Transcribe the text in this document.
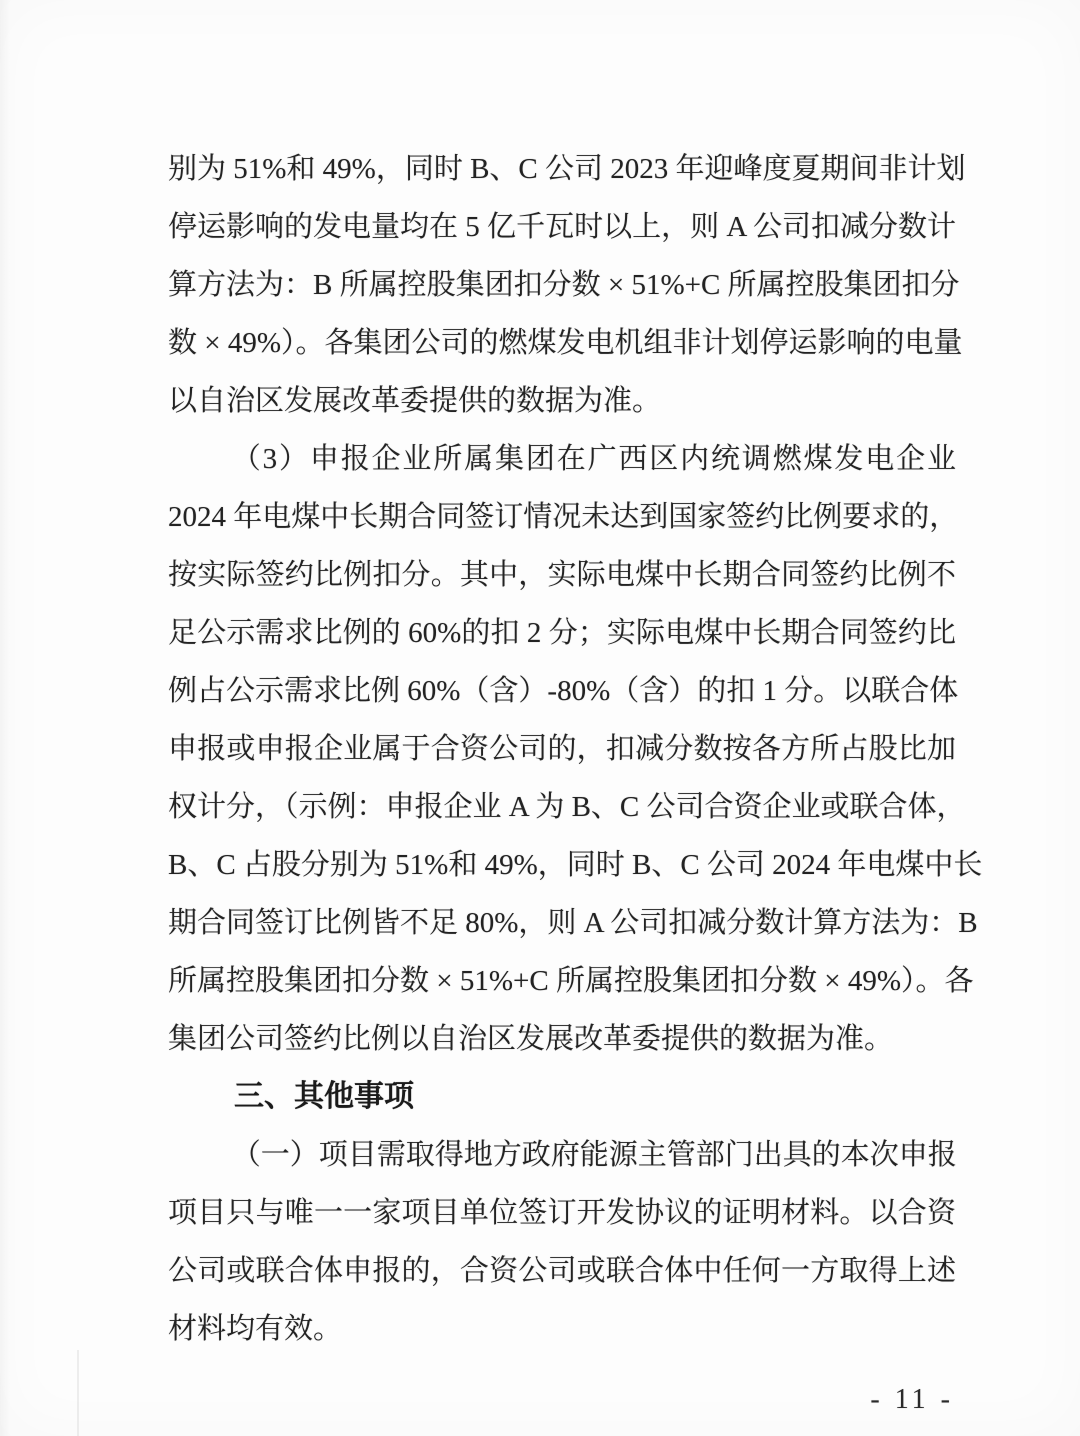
别为 51%和 49%，同时 B、C 公司 2023 年迎峰度夏期间非计划
停运影响的发电量均在 5 亿千瓦时以上，则 A 公司扣减分数计
算方法为：B 所属控股集团扣分数 × 51%+C 所属控股集团扣分
数 × 49%）。各集团公司的燃煤发电机组非计划停运影响的电量
以自治区发展改革委提供的数据为准。
（3）申报企业所属集团在广西区内统调燃煤发电企业
2024 年电煤中长期合同签订情况未达到国家签约比例要求的，
按实际签约比例扣分。其中，实际电煤中长期合同签约比例不
足公示需求比例的 60%的扣 2 分；实际电煤中长期合同签约比
例占公示需求比例 60%（含）-80%（含）的扣 1 分。以联合体
申报或申报企业属于合资公司的，扣减分数按各方所占股比加
权计分，（示例：申报企业 A 为 B、C 公司合资企业或联合体，
B、C 占股分别为 51%和 49%，同时 B、C 公司 2024 年电煤中长
期合同签订比例皆不足 80%，则 A 公司扣减分数计算方法为：B
所属控股集团扣分数 × 51%+C 所属控股集团扣分数 × 49%）。各
集团公司签约比例以自治区发展改革委提供的数据为准。
三、其他事项
（一）项目需取得地方政府能源主管部门出具的本次申报
项目只与唯一一家项目单位签订开发协议的证明材料。以合资
公司或联合体申报的，合资公司或联合体中任何一方取得上述
材料均有效。
- 11 -
